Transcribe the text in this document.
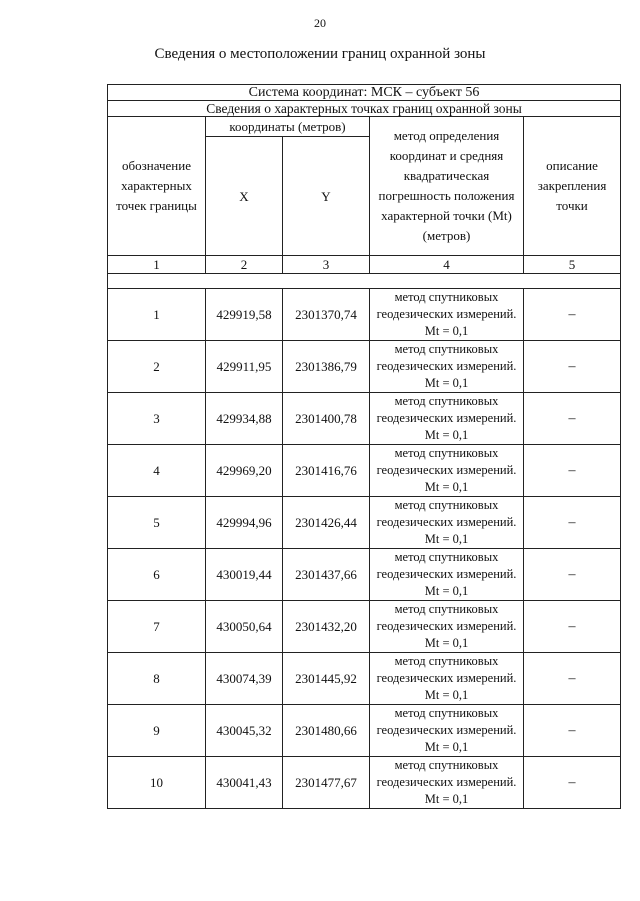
20
Сведения о местоположении границ охранной зоны
Система координат: МСК – субъект 56				
Сведения о характерных точках границ охранной зоны				

обозначение характерных точек границы	координаты (метров)		метод определения координат и средняя квадратическая погрешность положения характерной точки (Mt) (метров)	описание закрепления точки

	X	Y		
1	2	3	4	5

1	429919,58	2301370,74	метод спутниковых геодезических измерений. Mt = 0,1	–
2	429911,95	2301386,79	метод спутниковых геодезических измерений. Mt = 0,1	–
3	429934,88	2301400,78	метод спутниковых геодезических измерений. Mt = 0,1	–
4	429969,20	2301416,76	метод спутниковых геодезических измерений. Mt = 0,1	–
5	429994,96	2301426,44	метод спутниковых геодезических измерений. Mt = 0,1	–
6	430019,44	2301437,66	метод спутниковых геодезических измерений. Mt = 0,1	–
7	430050,64	2301432,20	метод спутниковых геодезических измерений. Mt = 0,1	–
8	430074,39	2301445,92	метод спутниковых геодезических измерений. Mt = 0,1	–
9	430045,32	2301480,66	метод спутниковых геодезических измерений. Mt = 0,1	–
10	430041,43	2301477,67	метод спутниковых геодезических измерений. Mt = 0,1	–
